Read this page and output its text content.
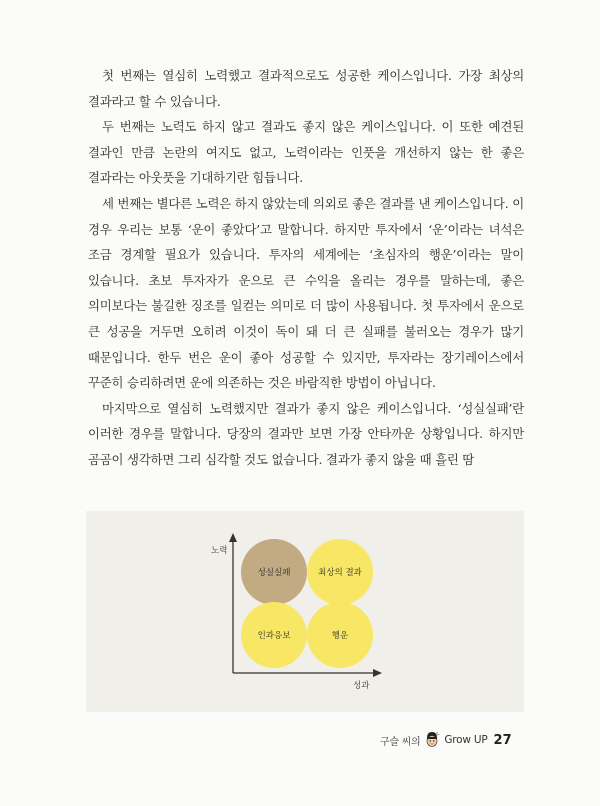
첫 번째는 열심히 노력했고 결과적으로도 성공한 케이스입니다. 가장 최상의 결과라고 할 수 있습니다.

두 번째는 노력도 하지 않고 결과도 좋지 않은 케이스입니다. 이 또한 예견된 결과인 만큼 논란의 여지도 없고, 노력이라는 인풋을 개선하지 않는 한 좋은 결과라는 아웃풋을 기대하기란 힘듭니다.

세 번째는 별다른 노력은 하지 않았는데 의외로 좋은 결과를 낸 케이스입니다. 이 경우 우리는 보통 ‘운이 좋았다’고 말합니다. 하지만 투자에서 ‘운’이라는 녀석은 조금 경계할 필요가 있습니다. 투자의 세계에는 ‘초심자의 행운’이라는 말이 있습니다. 초보 투자자가 운으로 큰 수익을 올리는 경우를 말하는데, 좋은 의미보다는 불길한 징조를 일컫는 의미로 더 많이 사용됩니다. 첫 투자에서 운으로 큰 성공을 거두면 오히려 이것이 독이 돼 더 큰 실패를 불러오는 경우가 많기 때문입니다. 한두 번은 운이 좋아 성공할 수 있지만, 투자라는 장기레이스에서 꾸준히 승리하려면 운에 의존하는 것은 바람직한 방법이 아닙니다.

마지막으로 열심히 노력했지만 결과가 좋지 않은 케이스입니다. ‘성실실패’란 이러한 경우를 말합니다. 당장의 결과만 보면 가장 안타까운 상황입니다. 하지만 곰곰이 생각하면 그리 심각할 것도 없습니다. 결과가 좋지 않을 때 흘린 땀

노력
성과
성실실패	최상의 결과
인과응보	행운
구슬 씨의 Grow UP 27
